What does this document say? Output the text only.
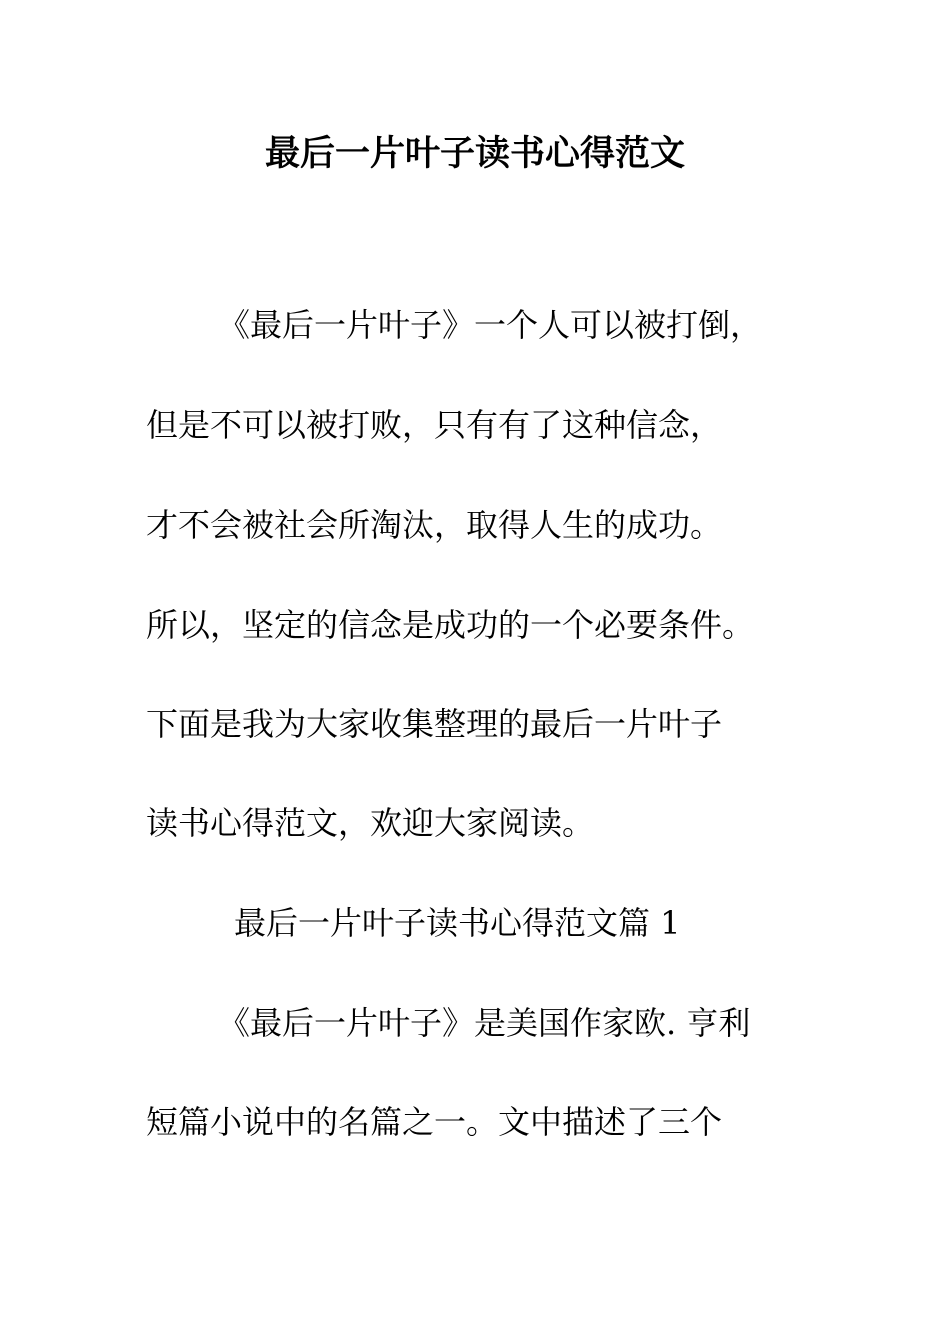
最后一片叶子读书心得范文
《最后一片叶子》一个人可以被打倒，
但是不可以被打败，只有有了这种信念，
才不会被社会所淘汰，取得人生的成功。
所以，坚定的信念是成功的一个必要条件。
下面是我为大家收集整理的最后一片叶子
读书心得范文，欢迎大家阅读。
最后一片叶子读书心得范文篇 1
《最后一片叶子》是美国作家欧. 亨利
短篇小说中的名篇之一。文中描述了三个
